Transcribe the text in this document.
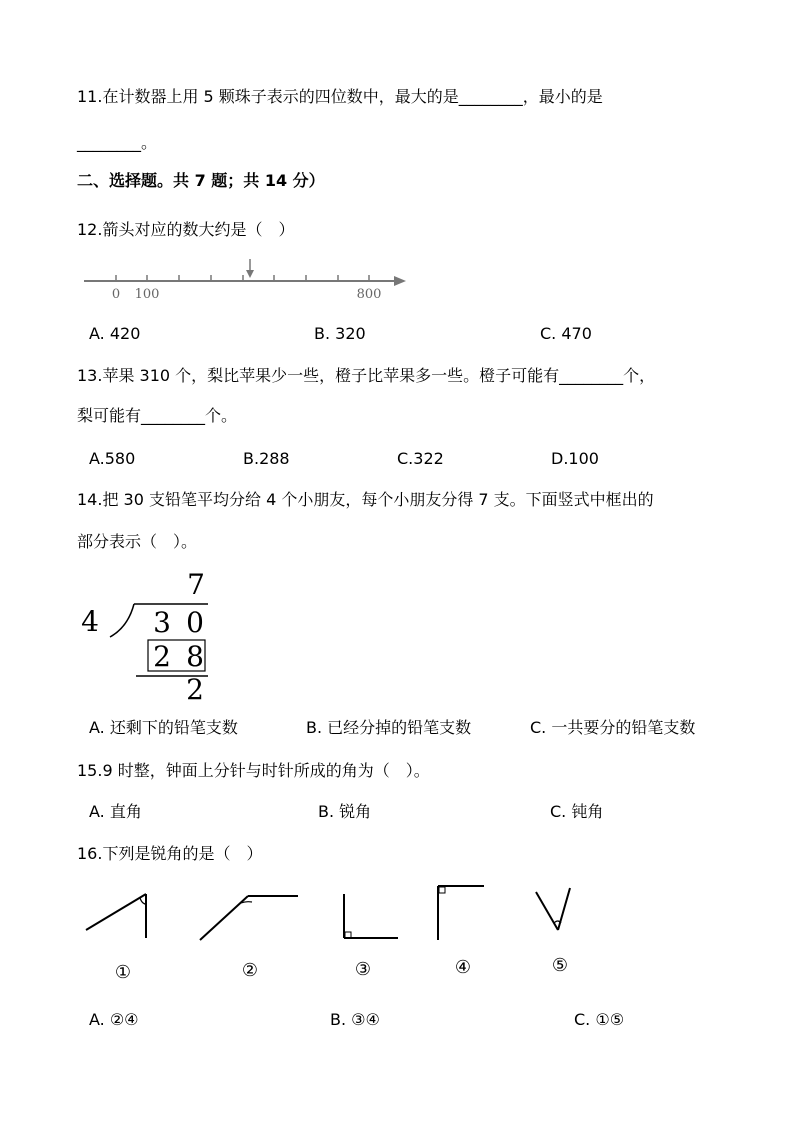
11.在计数器上用 5 颗珠子表示的四位数中，最大的是________，最小的是
________。
二、选择题。共 7 题；共 14 分）
12.箭头对应的数大约是（　）
0 100	800
A. 420	B. 320	C. 470
13.苹果 310 个，梨比苹果少一些，橙子比苹果多一些。橙子可能有________个，
梨可能有________个。
A.580	B.288	C.322	D.100
14.把 30 支铅笔平均分给 4 个小朋友，每个小朋友分得 7 支。下面竖式中框出的
部分表示（　）。
7
4 3 0
2 8
2
A. 还剩下的铅笔支数	B. 已经分掉的铅笔支数	C. 一共要分的铅笔支数
15.9 时整，钟面上分针与时针所成的角为（　）。
A. 直角	B. 锐角	C. 钝角
16.下列是锐角的是（　）
①	②	③	④	⑤
A. ②④	B. ③④	C. ①⑤
